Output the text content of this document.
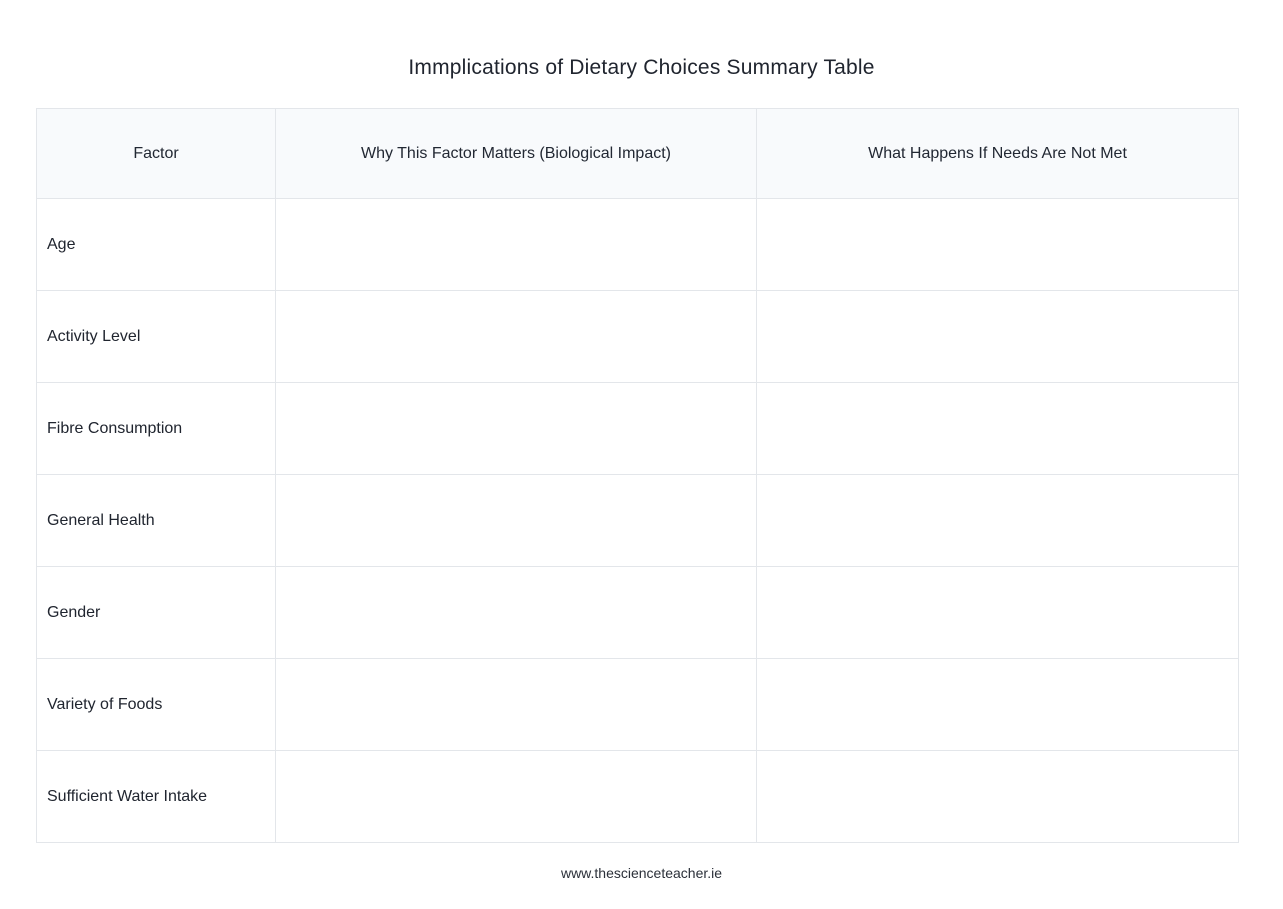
Immplications of Dietary Choices Summary Table
Factor	Why This Factor Matters (Biological Impact)	What Happens If Needs Are Not Met
Age		
Activity Level		
Fibre Consumption		
General Health		
Gender		
Variety of Foods		
Sufficient Water Intake		
www.thescienceteacher.ie
